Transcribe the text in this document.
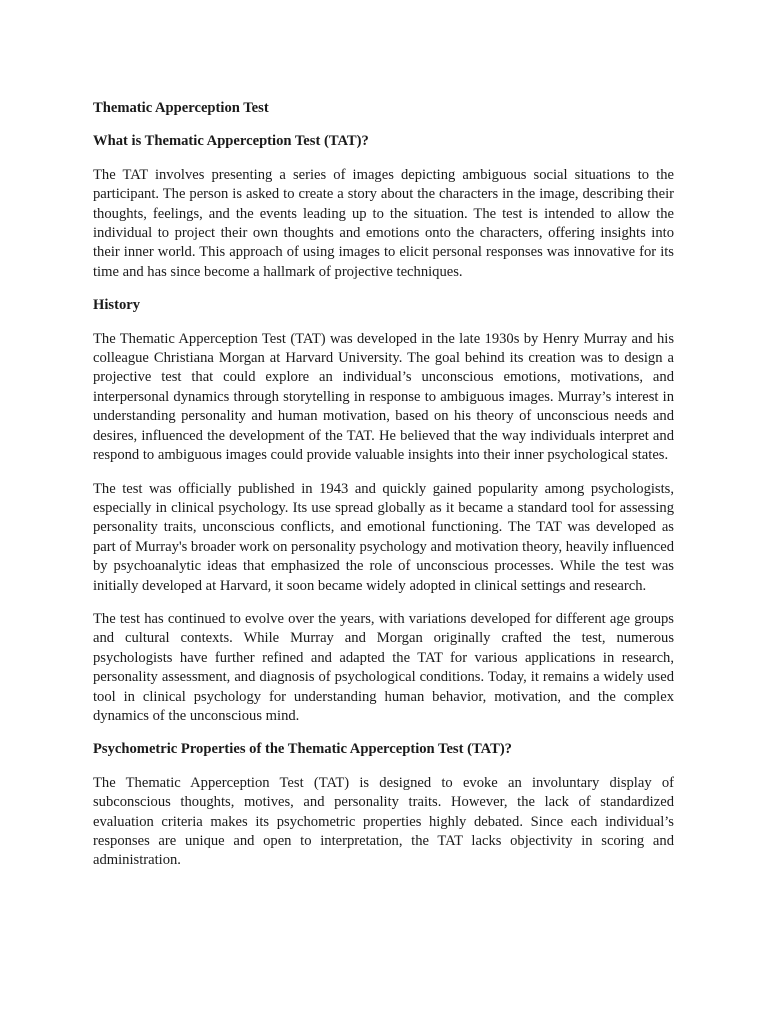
Thematic Apperception Test
What is Thematic Apperception Test (TAT)?

The TAT involves presenting a series of images depicting ambiguous social situations to the participant. The person is asked to create a story about the characters in the image, describing their thoughts, feelings, and the events leading up to the situation. The test is intended to allow the individual to project their own thoughts and emotions onto the characters, offering insights into their inner world. This approach of using images to elicit personal responses was innovative for its time and has since become a hallmark of projective techniques.

History

The Thematic Apperception Test (TAT) was developed in the late 1930s by Henry Murray and his colleague Christiana Morgan at Harvard University. The goal behind its creation was to design a projective test that could explore an individual’s unconscious emotions, motivations, and interpersonal dynamics through storytelling in response to ambiguous images. Murray’s interest in understanding personality and human motivation, based on his theory of unconscious needs and desires, influenced the development of the TAT. He believed that the way individuals interpret and respond to ambiguous images could provide valuable insights into their inner psychological states.

The test was officially published in 1943 and quickly gained popularity among psychologists, especially in clinical psychology. Its use spread globally as it became a standard tool for assessing personality traits, unconscious conflicts, and emotional functioning. The TAT was developed as part of Murray's broader work on personality psychology and motivation theory, heavily influenced by psychoanalytic ideas that emphasized the role of unconscious processes. While the test was initially developed at Harvard, it soon became widely adopted in clinical settings and research.

The test has continued to evolve over the years, with variations developed for different age groups and cultural contexts. While Murray and Morgan originally crafted the test, numerous psychologists have further refined and adapted the TAT for various applications in research, personality assessment, and diagnosis of psychological conditions. Today, it remains a widely used tool in clinical psychology for understanding human behavior, motivation, and the complex dynamics of the unconscious mind.

Psychometric Properties of the Thematic Apperception Test (TAT)?

The Thematic Apperception Test (TAT) is designed to evoke an involuntary display of subconscious thoughts, motives, and personality traits. However, the lack of standardized evaluation criteria makes its psychometric properties highly debated. Since each individual’s responses are unique and open to interpretation, the TAT lacks objectivity in scoring and administration.
